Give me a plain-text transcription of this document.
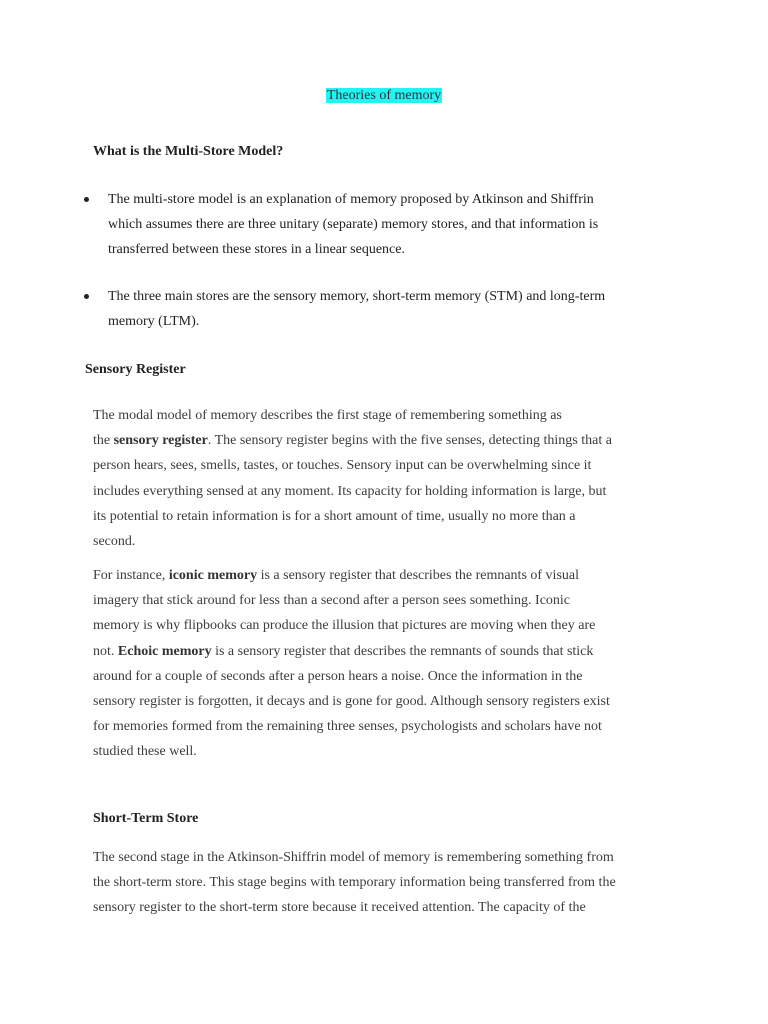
Theories of memory
What is the Multi-Store Model?
The multi-store model is an explanation of memory proposed by Atkinson and Shiffrin
which assumes there are three unitary (separate) memory stores, and that information is
transferred between these stores in a linear sequence.
The three main stores are the sensory memory, short-term memory (STM) and long-term
memory (LTM).
Sensory Register
The modal model of memory describes the first stage of remembering something as
the sensory register. The sensory register begins with the five senses, detecting things that a
person hears, sees, smells, tastes, or touches. Sensory input can be overwhelming since it
includes everything sensed at any moment. Its capacity for holding information is large, but
its potential to retain information is for a short amount of time, usually no more than a
second.
For instance, iconic memory is a sensory register that describes the remnants of visual
imagery that stick around for less than a second after a person sees something. Iconic
memory is why flipbooks can produce the illusion that pictures are moving when they are
not. Echoic memory is a sensory register that describes the remnants of sounds that stick
around for a couple of seconds after a person hears a noise. Once the information in the
sensory register is forgotten, it decays and is gone for good. Although sensory registers exist
for memories formed from the remaining three senses, psychologists and scholars have not
studied these well.
Short-Term Store
The second stage in the Atkinson-Shiffrin model of memory is remembering something from
the short-term store. This stage begins with temporary information being transferred from the
sensory register to the short-term store because it received attention. The capacity of the
